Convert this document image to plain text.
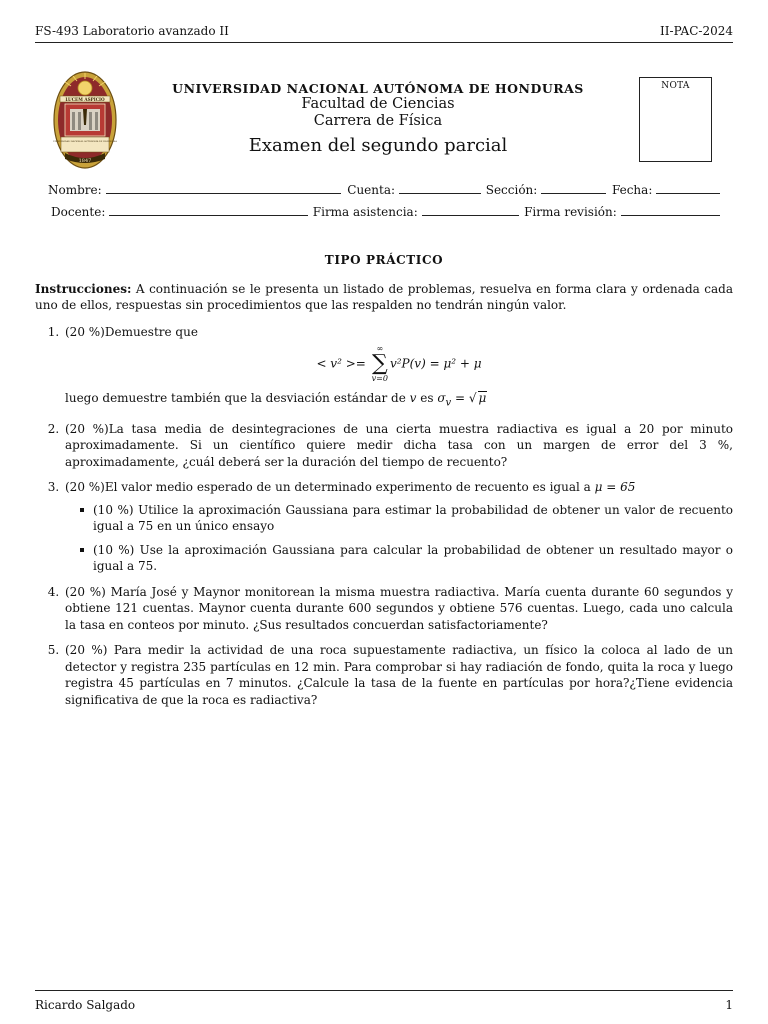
FS-493 Laboratorio avanzado II	II-PAC-2024
LUCEM ASPICIO
UNIVERSIDAD NACIONAL AUTÓNOMA DE HONDURAS
1847
UNIVERSIDAD NACIONAL AUTÓNOMA DE HONDURAS
Facultad de Ciencias
Carrera de Física
Examen del segundo parcial
NOTA
Nombre:	Cuenta:	Sección:	Fecha:
Docente:	Firma asistencia:	Firma revisión:
TIPO PRÁCTICO

Instrucciones: A continuación se le presenta un listado de problemas, resuelva en forma clara y ordenada cada uno de ellos, respuestas sin procedimientos que las respalden no tendrán ningún valor.

1. (20 %)Demuestre que
< v² >=
∞
∑
v=0
v²P(v) = μ² + μ
luego demuestre también que la desviación estándar de v es $\sigma_v$ = √ μ
2. (20 %)La tasa media de desintegraciones de una cierta muestra radiactiva es igual a 20 por minuto aproximadamente. Si un científico quiere medir dicha tasa con un margen de error del 3 %, aproximadamente, ¿cuál deberá ser la duración del tiempo de recuento?
3. (20 %)El valor medio esperado de un determinado experimento de recuento es igual a μ = 65
(10 %) Utilice la aproximación Gaussiana para estimar la probabilidad de obtener un valor de recuento igual a 75 en un único ensayo
(10 %) Use la aproximación Gaussiana para calcular la probabilidad de obtener un resultado mayor o igual a 75.
4. (20 %) María José y Maynor monitorean la misma muestra radiactiva. María cuenta durante 60 segundos y obtiene 121 cuentas. Maynor cuenta durante 600 segundos y obtiene 576 cuentas. Luego, cada uno calcula la tasa en conteos por minuto. ¿Sus resultados concuerdan satisfactoriamente?
5. (20 %) Para medir la actividad de una roca supuestamente radiactiva, un físico la coloca al lado de un detector y registra 235 partículas en 12 min. Para comprobar si hay radiación de fondo, quita la roca y luego registra 45 partículas en 7 minutos. ¿Calcule la tasa de la fuente en partículas por hora?¿Tiene evidencia significativa de que la roca es radiactiva?
Ricardo Salgado	1
